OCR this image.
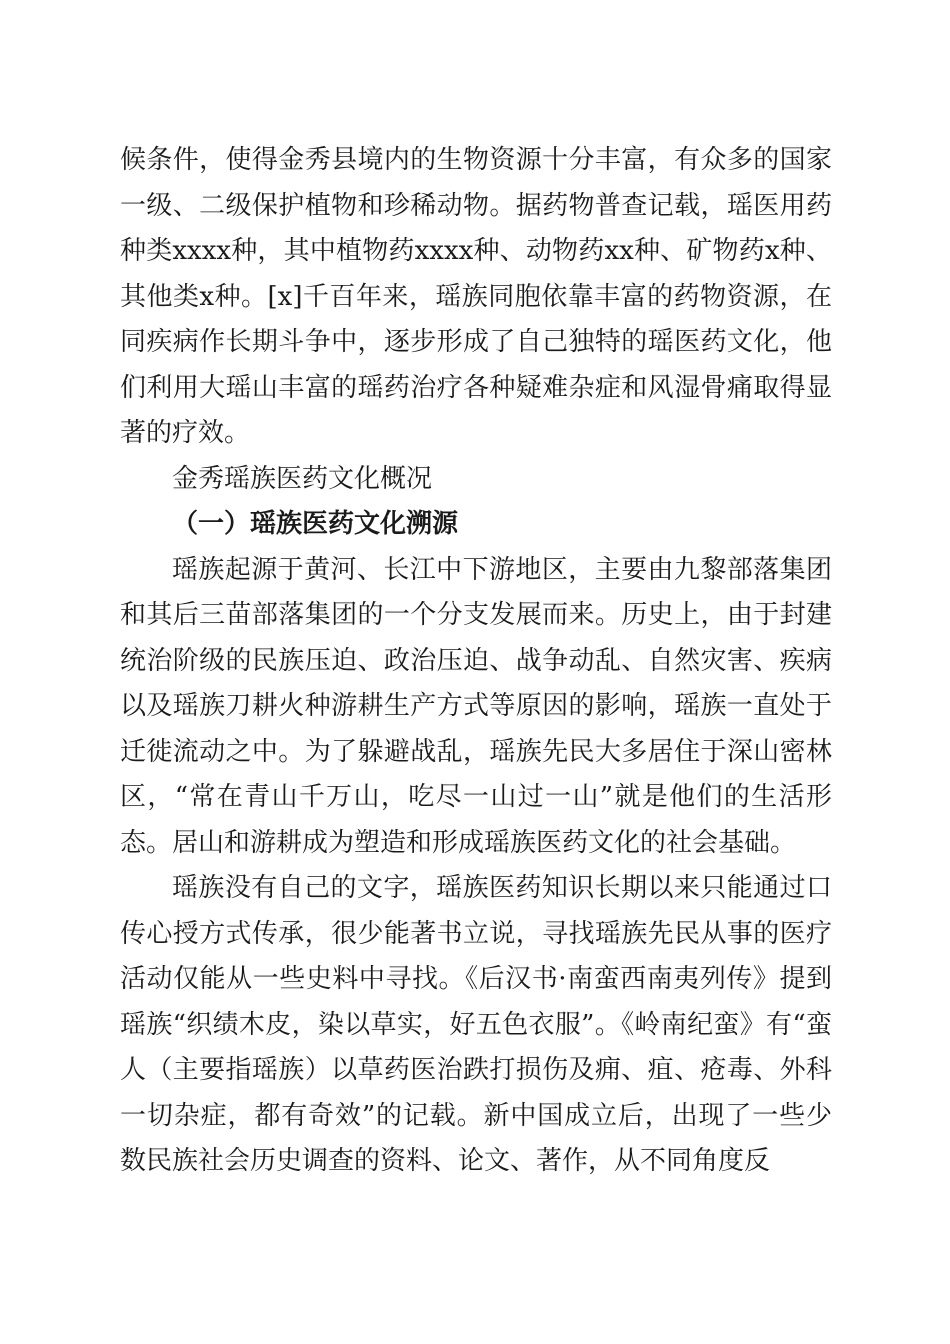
候条件，使得金秀县境内的生物资源十分丰富，有众多的国家一级、二级保护植物和珍稀动物。据药物普查记载，瑶医用药种类xxxx种，其中植物药xxxx种、动物药xx种、矿物药x种、其他类x种。[x]千百年来，瑶族同胞依靠丰富的药物资源，在同疾病作长期斗争中，逐步形成了自己独特的瑶医药文化，他们利用大瑶山丰富的瑶药治疗各种疑难杂症和风湿骨痛取得显著的疗效。

金秀瑶族医药文化概况

（一）瑶族医药文化溯源

瑶族起源于黄河、长江中下游地区，主要由九黎部落集团和其后三苗部落集团的一个分支发展而来。历史上，由于封建统治阶级的民族压迫、政治压迫、战争动乱、自然灾害、疾病以及瑶族刀耕火种游耕生产方式等原因的影响，瑶族一直处于迁徙流动之中。为了躲避战乱，瑶族先民大多居住于深山密林区，“常在青山千万山，吃尽一山过一山”就是他们的生活形态。居山和游耕成为塑造和形成瑶族医药文化的社会基础。

瑶族没有自己的文字，瑶族医药知识长期以来只能通过口传心授方式传承，很少能著书立说，寻找瑶族先民从事的医疗活动仅能从一些史料中寻找。《后汉书·南蛮西南夷列传》提到瑶族“织绩木皮，染以草实，好五色衣服”。《岭南纪蛮》有“蛮人（主要指瑶族）以草药医治跌打损伤及痈、疽、疮毒、外科一切杂症，都有奇效”的记载。新中国成立后，出现了一些少数民族社会历史调查的资料、论文、著作，从不同角度反
